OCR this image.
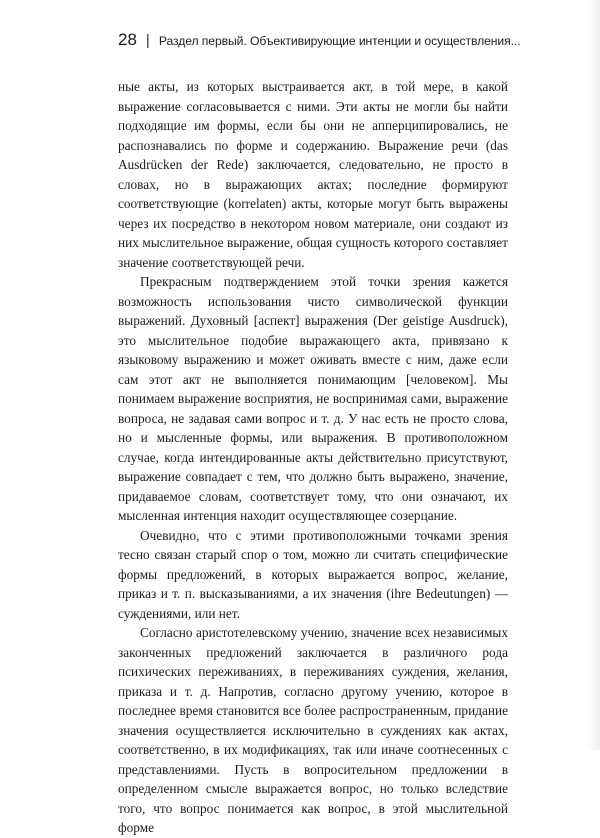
28 | Раздел первый. Объективирующие интенции и осуществления...

ные акты, из которых выстраивается акт, в той мере, в какой выражение согласовывается с ними. Эти акты не могли бы найти подходящие им формы, если бы они не апперципировались, не распознавались по форме и содержанию. Выражение речи (das Ausdrücken der Rede) заключается, следовательно, не просто в словах, но в выражающих актах; последние формируют соответствующие (korrelaten) акты, которые могут быть выражены через их посредство в некотором новом материале, они создают из них мыслительное выражение, общая сущность которого составляет значение соответствующей речи.

Прекрасным подтверждением этой точки зрения кажется возможность использования чисто символической функции выражений. Духовный [аспект] выражения (Der geistige Ausdruck), это мыслительное подобие выражающего акта, привязано к языковому выражению и может оживать вместе с ним, даже если сам этот акт не выполняется понимающим [человеком]. Мы понимаем выражение восприятия, не воспринимая сами, выражение вопроса, не задавая сами вопрос и т. д. У нас есть не просто слова, но и мысленные формы, или выражения. В противоположном случае, когда интендированные акты действительно присутствуют, выражение совпадает с тем, что должно быть выражено, значение, придаваемое словам, соответствует тому, что они означают, их мысленная интенция находит осуществляющее созерцание.

Очевидно, что с этими противоположными точками зрения тесно связан старый спор о том, можно ли считать специфические формы предложений, в которых выражается вопрос, желание, приказ и т. п. высказываниями, а их значения (ihre Bedeutungen) — суждениями, или нет.

Согласно аристотелевскому учению, значение всех независимых законченных предложений заключается в различного рода психических переживаниях, в переживаниях суждения, желания, приказа и т. д. Напротив, согласно другому учению, которое в последнее время становится все более распространенным, придание значения осуществляется исключительно в суждениях как актах, соответственно, в их модификациях, так или иначе соотнесенных с представлениями. Пусть в вопросительном предложении в определенном смысле выражается вопрос, но только вследствие того, что вопрос понимается как вопрос, в этой мыслительной форме
